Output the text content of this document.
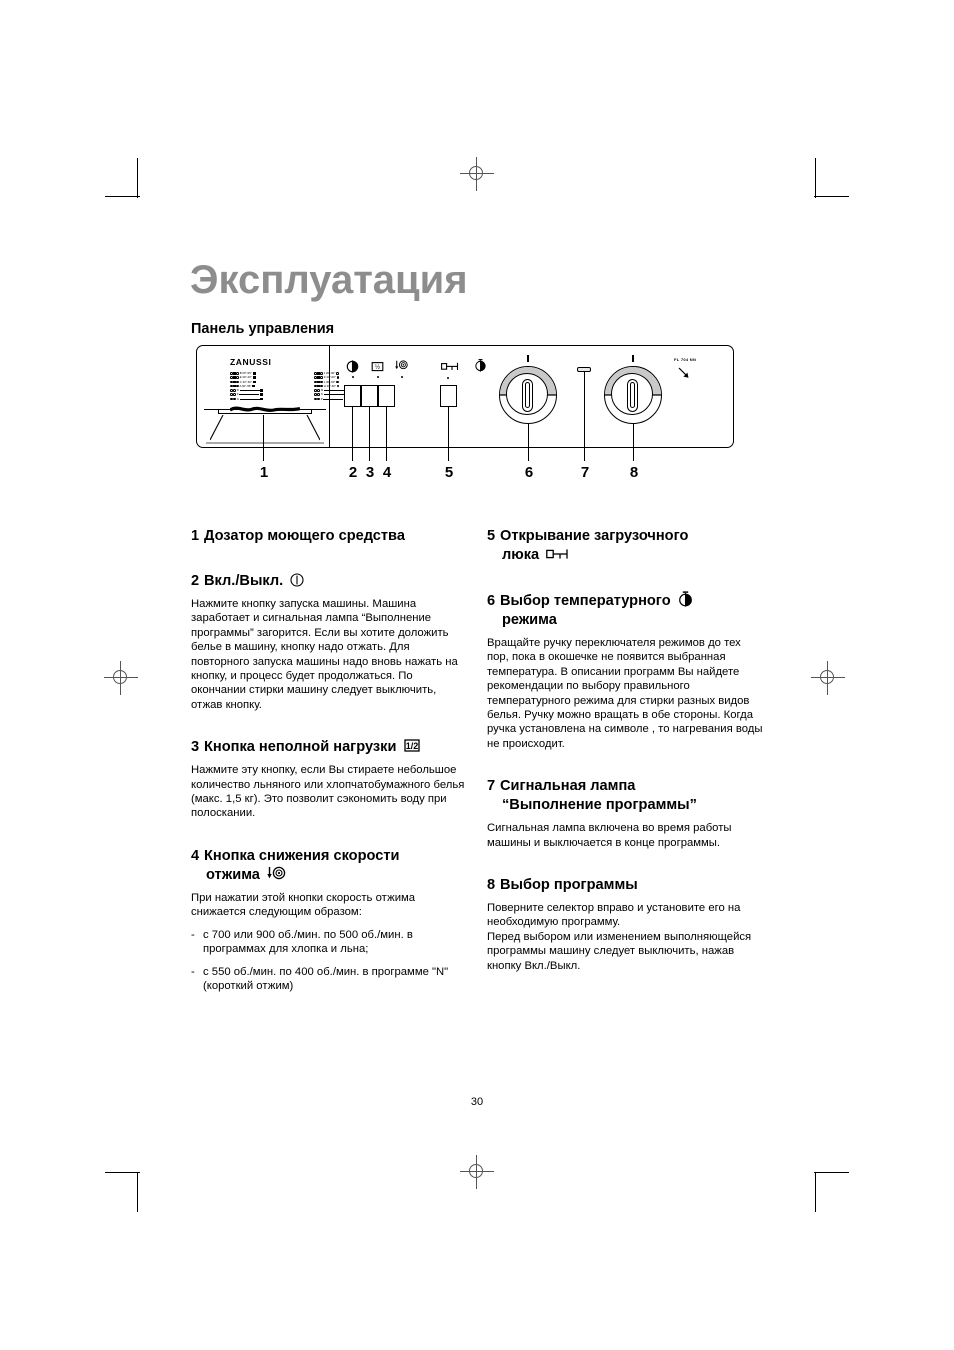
Эксплуатация
Панель управления
ZANUSSI
B 60°-95°
E 30°-40°
C 30°-60°
A 60°-95°
D
F
G
J 30°-60°
K 30°-60°
L 30°-60°
H 30°-60°
M
N
P
½
FL 704 NN
1	2 3 4	5	6	7	8
1 Дозатор моющего средства
2 Вкл./Выкл.

Нажмите кнопку запуска машины. Машина заработает и сигнальная лампа “Выполнение программы” загорится. Если вы хотите доложить белье в машину, кнопку надо отжать. Для повторного запуска машины надо вновь нажать на кнопку, и процесс будет продолжаться. По окончании стирки машину следует выключить, отжав кнопку.

3 Кнопка неполной нагрузки 1/2

Нажмите эту кнопку, если Вы стираете небольшое количество льняного или хлопчатобумажного белья (макс. 1,5 кг). Это позволит сэкономить воду при полоскании.

4 Кнопка снижения скорости
отжима

При нажатии этой кнопки скорость отжима снижается следующим образом:

- с 700 или 900 об./мин. по 500 об./мин. в программах для хлопка и льна;
- с 550 об./мин. по 400 об./мин. в программе "N" (короткий отжим)
5 Открывание загрузочного
люка
6 Выбор температурного
режима

Вращайте ручку переключателя режимов до тех пор, пока в окошечке не появится выбранная температура. В описании программ Вы найдете рекомендации по выбору правильного температурного режима для стирки разных видов белья. Ручку можно вращать в обе стороны. Когда ручка установлена на символе , то нагревания воды не происходит.

7 Сигнальная лампа
“Выполнение программы”

Сигнальная лампа включена во время работы машины и выключается в конце программы.

8 Выбор программы

Поверните селектор вправо и установите его на необходимую программу.

Перед выбором или изменением выполняющейся программы машину следует выключить, нажав кнопку Вкл./Выкл.

30
